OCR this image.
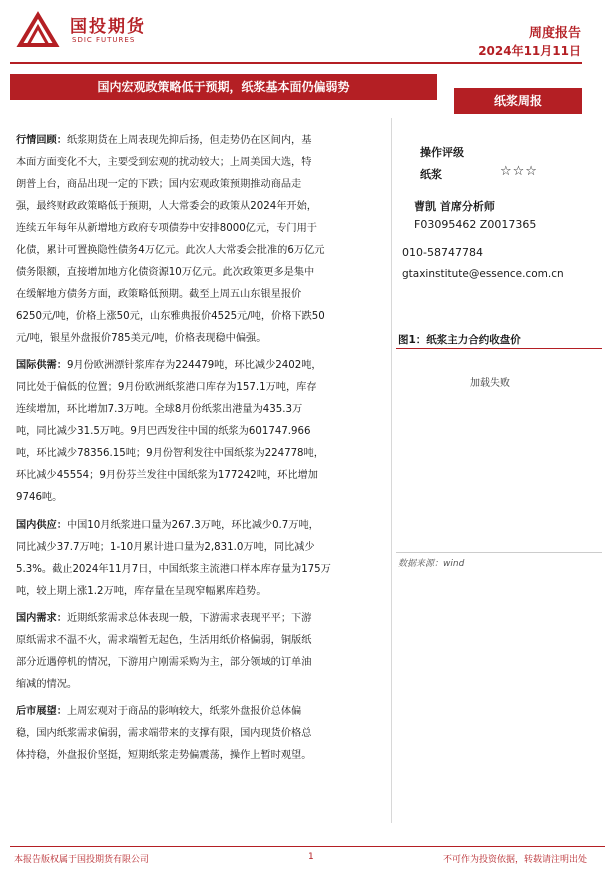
国投期货
SDIC FUTURES	周度报告
2024年11月11日
国内宏观政策略低于预期，纸浆基本面仍偏弱势
纸浆周报
行情回顾：纸浆期货在上周表现先抑后扬，但走势仍在区间内，基
本面方面变化不大，主要受到宏观的扰动较大；上周美国大选，特
朗普上台，商品出现一定的下跌；国内宏观政策预期推动商品走
强，最终财政政策略低于预期，人大常委会的政策从2024年开始，
连续五年每年从新增地方政府专项债券中安排8000亿元，专门用于
化债，累计可置换隐性债务4万亿元。此次人大常委会批准的6万亿元
债务限额，直接增加地方化债资源10万亿元。此次政策更多是集中
在缓解地方债务方面，政策略低预期。截至上周五山东银星报价
6250元/吨，价格上涨50元，山东雅典报价4525元/吨，价格下跌50
元/吨，银星外盘报价785美元/吨，价格表现稳中偏强。
国际供需：9月份欧洲漂针浆库存为224479吨，环比减少2402吨，
同比处于偏低的位置；9月份欧洲纸浆港口库存为157.1万吨，库存
连续增加，环比增加7.3万吨。全球8月份纸浆出港量为435.3万
吨，同比减少31.5万吨。9月巴西发往中国的纸浆为601747.966
吨，环比减少78356.15吨；9月份智利发往中国纸浆为224778吨，
环比减少45554；9月份芬兰发往中国纸浆为177242吨，环比增加
9746吨。
国内供应：中国10月纸浆进口量为267.3万吨，环比减少0.7万吨，
同比减少37.7万吨；1-10月累计进口量为2,831.0万吨，同比减少
5.3%。截止2024年11月7日，中国纸浆主流港口样本库存量为175万
吨，较上期上涨1.2万吨，库存量在呈现窄幅累库趋势。
国内需求：近期纸浆需求总体表现一般，下游需求表现平平；下游
原纸需求不温不火，需求端暂无起色，生活用纸价格偏弱，铜版纸
部分近遇停机的情况，下游用户刚需采购为主，部分领域的订单油
缩减的情况。
后市展望：上周宏观对于商品的影响较大，纸浆外盘报价总体偏
稳，国内纸浆需求偏弱，需求端带来的支撑有限，国内现货价格总
体持稳，外盘报价坚挺，短期纸浆走势偏震荡，操作上暂时观望。
操作评级
纸浆	☆☆☆
曹凯 首席分析师
F03095462 Z0017365
010-58747784
gtaxinstitute@essence.com.cn
图1：纸浆主力合约收盘价
加载失败
数据来源：wind
本报告版权属于国投期货有限公司	1	不可作为投资依据，转载请注明出处
